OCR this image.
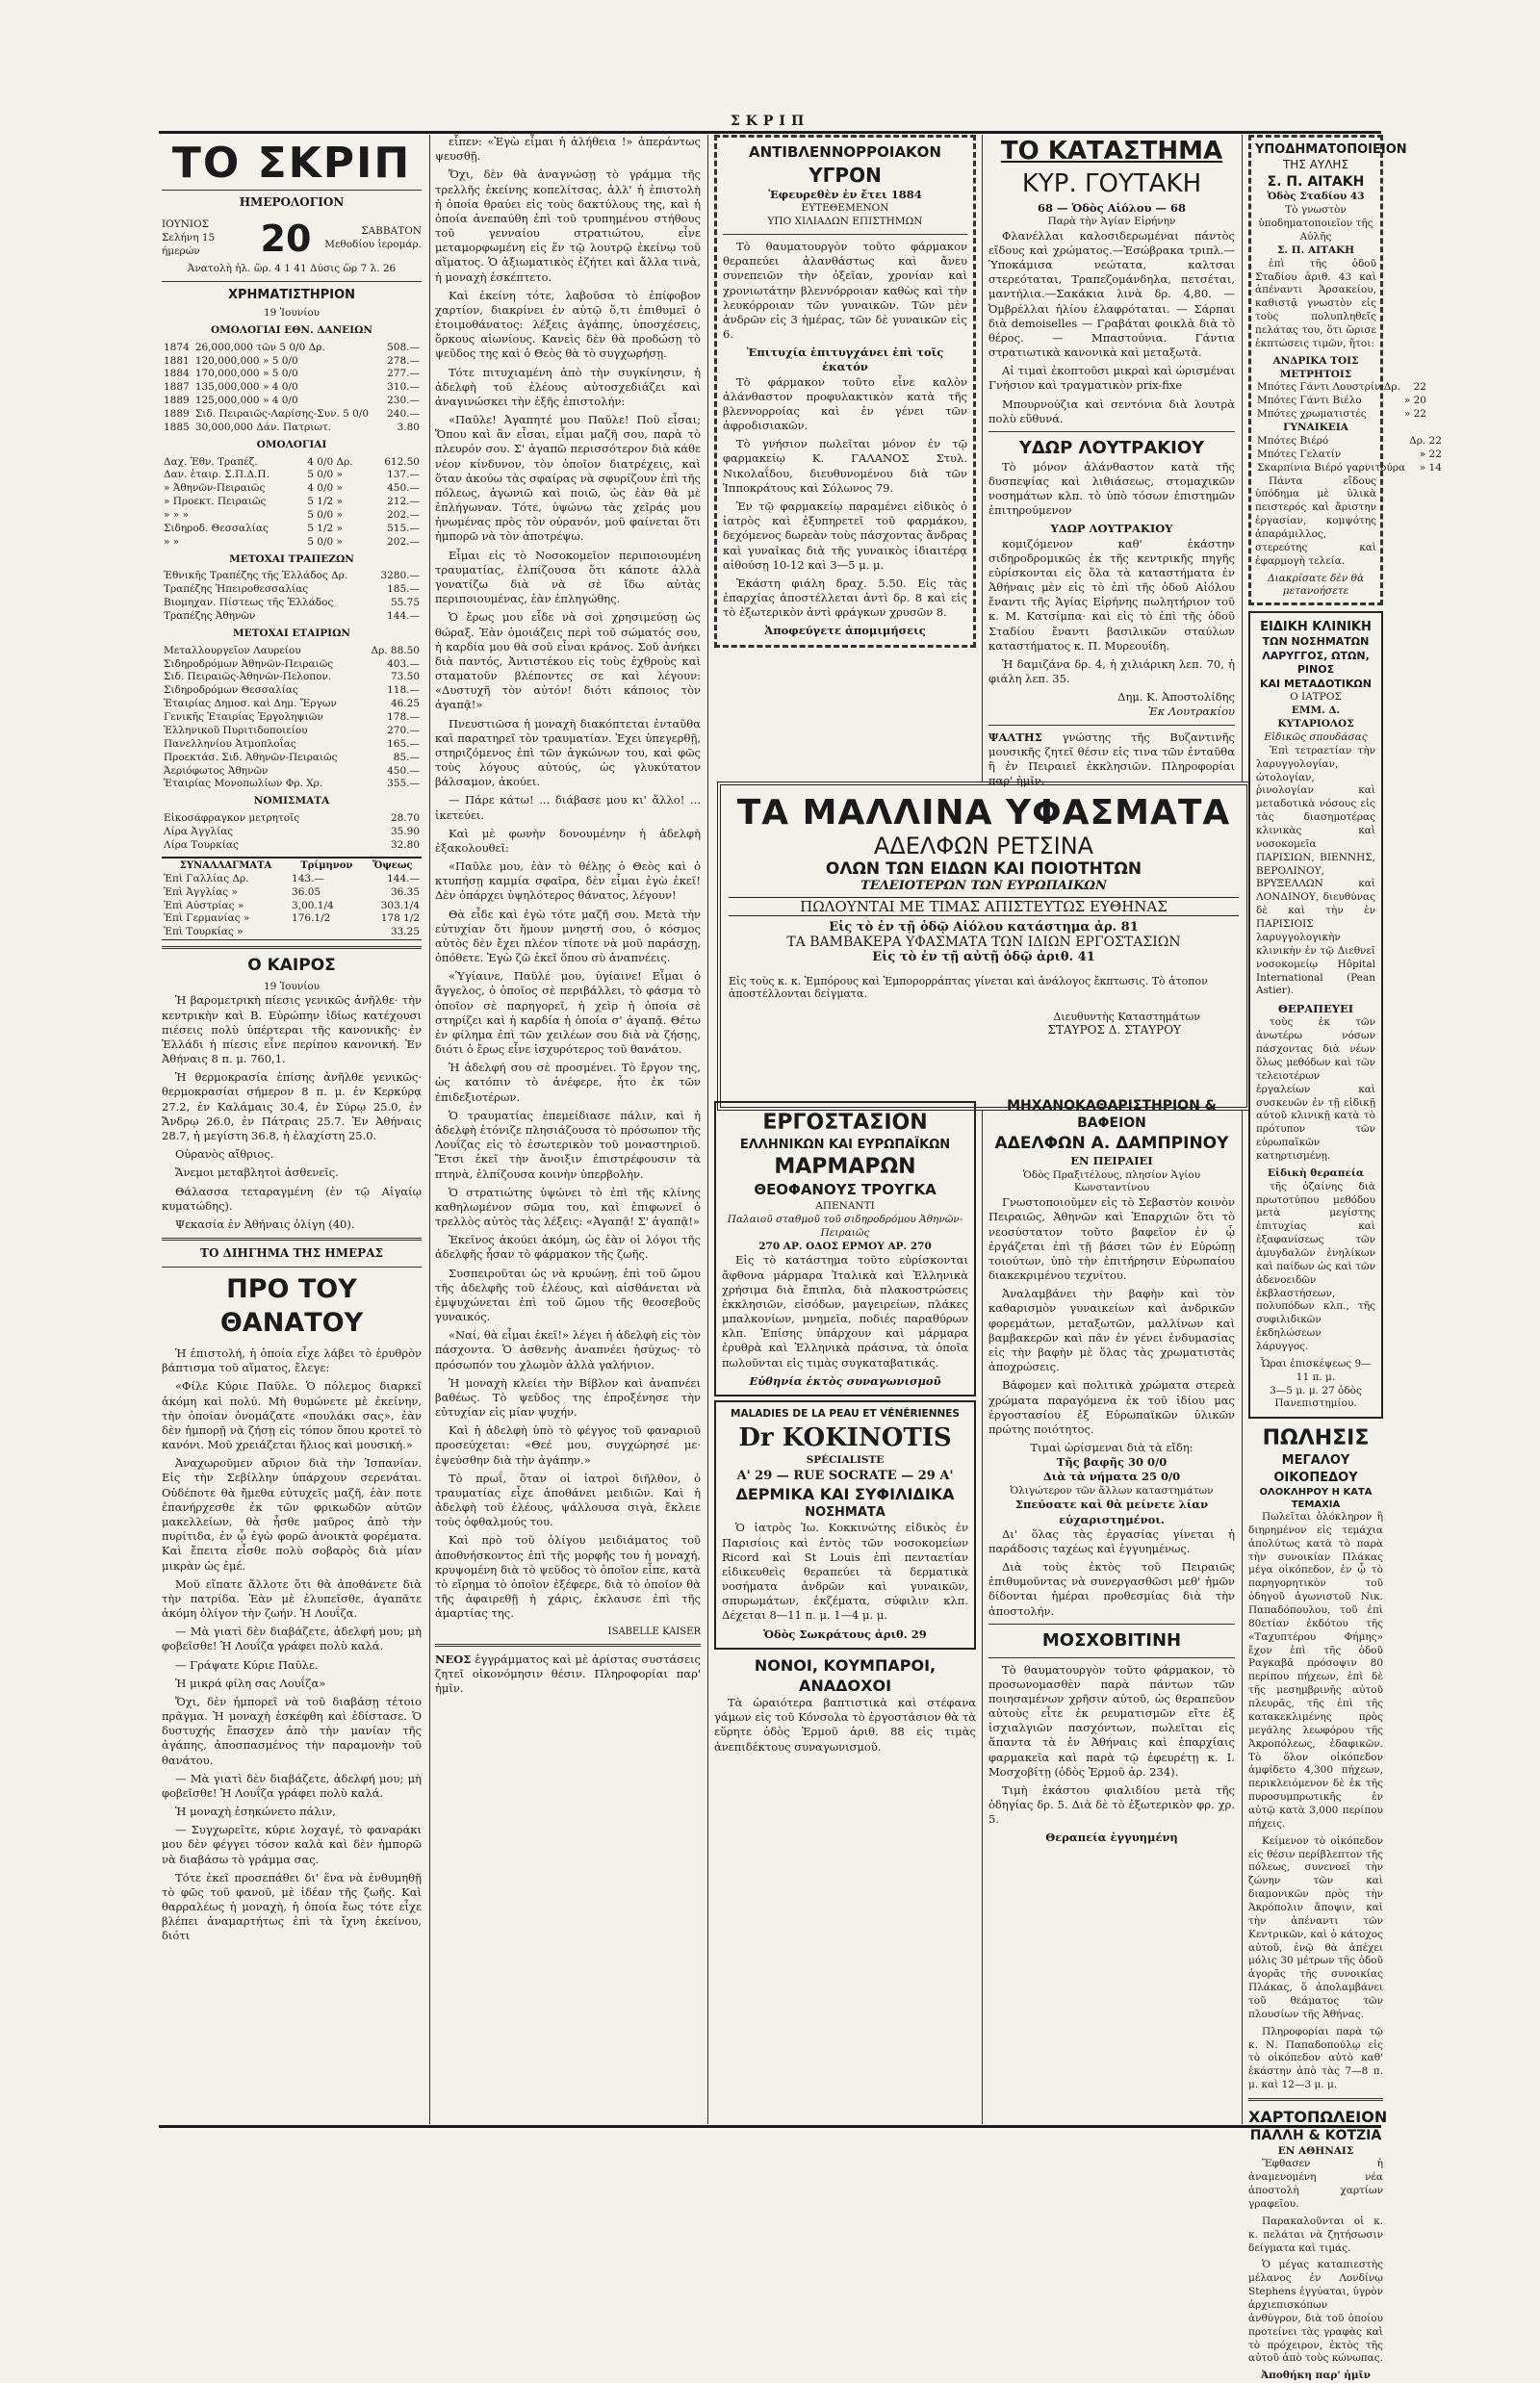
ΣΚΡΙΠ
ΤΟ ΣΚΡΙΠ
ΗΜΕΡΟΛΟΓΙΟΝ
ΙΟΥΝΙΟΣ
Σελήνη 15 ήμερών	20	ΣΑΒΒΑΤΟΝ
Μεθοδίου ἱερομάρ.
Ἀνατολὴ ἡλ. ὥρ. 4 1 41 Δύσις ὥρ 7 λ. 26
ΧΡΗΜΑΤΙΣΤΗΡΙΟΝ
19 Ἰουνίου
ΟΜΟΛΟΓΙΑΙ ΕΘΝ. ΔΑΝΕΙΩΝ
1874	26,000,000 τῶν 5 0/0 Δρ.	508.—
1881	120,000,000 » 5 0/0	278.—
1884	170,000,000 » 5 0/0	277.—
1887	135,000,000 » 4 0/0	310.—
1889	125,000,000 » 4 0/0	230.—
1889	Σιδ. Πειραιῶς-Λαρίσης-Συν. 5 0/0	240.—
1885	30,000,000 Δάν. Πατριωτ.	3.80
ΟΜΟΛΟΓΙΑΙ
Δαχ. Ἐθν. Τραπέζ.	4 0/0 Δρ.	612.50
Δαν. ἑταιρ. Σ.Π.Δ.Π.	5 0/0 »	137.—
» Ἀθηνῶν-Πειραιῶς	4 0/0 »	450.—
» Προεκτ. Πειραιῶς	5 1/2 »	212.—
» » »	5 0/0 »	202.—
Σιδηροδ. Θεσσαλίας	5 1/2 »	515.—
» »	5 0/0 »	202.—
ΜΕΤΟΧΑΙ ΤΡΑΠΕΖΩΝ
Ἐθνικῆς Τραπέζης τῆς Ἑλλάδος Δρ.	3280.—
Τραπέζης Ἠπειροθεσσαλίας	185.—
Βιομηχαν. Πίστεως τῆς Ἑλλάδος	55.75
Τραπέζης Ἀθηνῶν	144.—
ΜΕΤΟΧΑΙ ΕΤΑΙΡΙΩΝ
Μεταλλουργεῖον Λαυρείου	Δρ. 88.50
Σιδηροδρόμων Ἀθηνῶν-Πειραιῶς	403.—
Σιδ. Πειραιῶς-Ἀθηνῶν-Πελοπον.	73.50
Σιδηροδρόμων Θεσσαλίας	118.—
Ἑταιρίας Δημοσ. καὶ Δημ. Ἔργων	46.25
Γενικῆς Ἑταιρίας Ἐργοληψιῶν	178.—
Ἑλληνικοῦ Πυριτιδοποιείου	270.—
Πανελληνίου Ἀτμοπλοΐας	165.—
Προεκτάσ. Σιδ. Ἀθηνῶν-Πειραιῶς	85.—
Ἀεριόφωτος Ἀθηνῶν	450.—
Ἑταιρίας Μονοπωλίων Φρ. Χρ.	355.—
ΝΟΜΙΣΜΑΤΑ
Εἰκοσάφραγκον μετρητοῖς	28.70
Λίρα Ἀγγλίας	35.90
Λίρα Τουρκίας	32.80
ΣΥΝΑΛΛΑΓΜΑΤΑ	Τρίμηνον	Ὄψεως
Ἐπὶ Γαλλίας Δρ.	143.—	144.—
Ἐπὶ Ἀγγλίας »	36.05	36.35
Ἐπὶ Αὐστρίας »	3,00.1/4	303.1/4
Ἐπὶ Γερμανίας »	176.1/2	178 1/2
Ἐπὶ Τουρκίας »		33.25
Ο ΚΑΙΡΟΣ
19 Ἰουνίου

Ἡ βαρομετρικὴ πίεσις γενικῶς ἀνῆλθε· τὴν κεντρικὴν καὶ Β. Εὐρώπην ἰδίως κατέχουσι πιέσεις πολὺ ὑπέρτεραι τῆς κανονικῆς· ἐν Ἑλλάδι ἡ πίεσις εἶνε περίπου κανονική. Ἐν Ἀθήναις 8 π. μ. 760,1.

Ἡ θερμοκρασία ἐπίσης ἀνῆλθε γενικῶς· θερμοκρασίαι σήμερον 8 π. μ. ἐν Κερκύρᾳ 27.2, ἐν Καλάμαις 30.4, ἐν Σύρῳ 25.0, ἐν Ἄνδρῳ 26.0, ἐν Πάτραις 25.7. Ἐν Ἀθήναις 28.7, ἡ μεγίστη 36.8, ἡ ἐλαχίστη 25.0.

Οὐρανὸς αἴθριος.

Ἄνεμοι μεταβλητοὶ ἀσθενεῖς.

Θάλασσα τεταραγμένη (ἐν τῷ Αἰγαίῳ κυματώδης).

Ψεκασία ἐν Ἀθήναις ὀλίγη (40).

ΤΟ ΔΙΗΓΗΜΑ ΤΗΣ ΗΜΕΡΑΣ
ΠΡΟ ΤΟΥ ΘΑΝΑΤΟΥ

Ἡ ἐπιστολή, ἡ ὁποία εἶχε λάβει τὸ ἐρυθρὸν βάπτισμα τοῦ αἵματος, ἔλεγε:

«Φίλε Κύριε Παῦλε. Ὁ πόλεμος διαρκεῖ ἀκόμη καὶ πολύ. Μὴ θυμώνετε μὲ ἐκείνην, τὴν ὁποίαν ὀνομάζατε «πουλάκι σας», ἐὰν δὲν ἠμπορῇ νὰ ζήσῃ εἰς τόπον ὅπου κροτεῖ τὸ κανόνι. Μοῦ χρειάζεται ἥλιος καὶ μουσική.»

Ἀναχωροῦμεν αὔριον διὰ τὴν Ἰσπανίαν. Εἰς τὴν Σεβίλλην ὑπάρχουν σερενάται. Οὐδέποτε θὰ ἤμεθα εὐτυχεῖς μαζῆ, ἐὰν ποτε ἐπανήρχεσθε ἐκ τῶν φρικωδῶν αὐτῶν μακελλείων, θὰ ἦσθε μαῦρος ἀπὸ τὴν πυρίτιδα, ἐν ᾧ ἐγὼ φορῶ ἀνοικτὰ φορέματα. Καὶ ἔπειτα εἶσθε πολὺ σοβαρὸς διὰ μίαν μικρὰν ὡς ἐμέ.

Μοῦ εἴπατε ἄλλοτε ὅτι θὰ ἀποθάνετε διὰ τὴν πατρίδα. Ἐὰν μὲ ἐλυπεῖσθε, ἀγαπᾶτε ἀκόμη ὀλίγον τὴν ζωήν. Ἡ Λουΐζα.

— Μὰ γιατὶ δὲν διαβάζετε, ἀδελφή μου; μὴ φοβεῖσθε! Ἡ Λουΐζα γράφει πολὺ καλά.

— Γράψατε Κύριε Παῦλε.

Ἡ μικρά φίλη σας Λουΐζα»

Ὄχι, δὲν ἠμπορεῖ νὰ τοῦ διαβάσῃ τέτοιο πρᾶγμα. Ἡ μοναχὴ ἐσκέφθη καὶ ἐδίστασε. Ὁ δυστυχής ἔπασχεν ἀπὸ τὴν μανίαν τῆς ἀγάπης, ἀποσπασμένος τὴν παραμονὴν τοῦ θανάτου.

— Μὰ γιατὶ δὲν διαβάζετε, ἀδελφή μου; μὴ φοβεῖσθε! Ἡ Λουΐζα γράφει πολὺ καλά.

Ἡ μοναχὴ ἐσηκώνετο πάλιν,

— Συγχωρεῖτε, κύριε λοχαγέ, τὸ φαναράκι μου δὲν φέγγει τόσον καλὰ καὶ δὲν ἠμπορῶ νὰ διαβάσω τὸ γράμμα σας.

Τότε ἐκεῖ προσεπάθει δι' ἕνα νὰ ἐνθυμηθῇ τὸ φῶς τοῦ φανοῦ, μὲ ἰδέαν τῆς ζωῆς. Καὶ θαρραλέως ἡ μοναχὴ, ἡ ὁποία ἔως τότε εἶχε βλέπει ἀναμαρτήτως ἐπὶ τὰ ἴχνη ἐκείνου, διότι

εἶπεν: «Ἐγὼ εἶμαι ἡ ἀλήθεια !» ἀπεράντως ψευσθῇ.

Ὄχι, δὲν θὰ ἀναγνώσῃ τὸ γράμμα τῆς τρελλῆς ἐκείνης κοπελίτσας, ἀλλ' ἡ ἐπιστολὴ ἡ ὁποία θραύει εἰς τοὺς δακτύλους της, καὶ ἡ ὁποία ἀνεπαύθη ἐπὶ τοῦ τρυπημένου στήθους τοῦ γενναίου στρατιώτου, εἶνε μεταμορφωμένη εἰς ἕν τῷ λουτρῷ ἐκείνῳ τοῦ αἵματος. Ὁ ἀξιωματικὸς ἐζήτει καὶ ἄλλα τινὰ, ἡ μοναχὴ ἐσκέπτετο.

Καὶ ἐκείνη τότε, λαβοῦσα τὸ ἐπίφοβον χαρτίον, διακρίνει ἐν αὐτῷ ὅ,τι ἐπιθυμεῖ ὁ ἐτοιμοθάνατος: λέξεις ἀγάπης, ὑποσχέσεις, ὅρκους αἰωνίους. Κανεὶς δὲν θὰ προδώσῃ τὸ ψεῦδος της καὶ ὁ Θεὸς θὰ τὸ συγχωρήσῃ.

Τότε πιτυχιαμένη ἀπὸ τὴν συγκίνησιν, ἡ ἀδελφὴ τοῦ ἐλέους αὐτοσχεδιάζει καὶ ἀναγινώσκει τὴν ἑξῆς ἐπιστολήν:

«Παῦλε! Ἀγαπητέ μου Παῦλε! Ποῦ εἶσαι; Ὅπου καὶ ἂν εἶσαι, εἶμαι μαζῆ σου, παρὰ τὸ πλευρόν σου. Σ' ἀγαπῶ περισσότερον διὰ κάθε νέον κίνδυνον, τὸν ὁποῖον διατρέχεις, καὶ ὅταν ἀκούω τὰς σφαίρας νὰ σφυρίζουν ἐπὶ τῆς πόλεως, ἀγωνιῶ καὶ ποιῶ, ὡς ἐὰν θὰ μὲ ἐπλήγωναν. Τότε, ὑψώνω τὰς χεῖράς μου ἡνωμένας πρὸς τὸν οὐρανόν, μοῦ φαίνεται ὅτι ἠμπορῶ νὰ τὸν ἀποτρέψω.

Εἶμαι εἰς τὸ Νοσοκομεῖον περιποιουμένη τραυματίας, ἐλπίζουσα ὅτι κάποτε ἀλλὰ γονατίζω διὰ νὰ σὲ ἴδω αὐτὰς περιποιουμένας, ἐὰν ἐπληγώθης.

Ὁ ἔρως μου εἶδε νὰ σοὶ χρησιμεύσῃ ὡς θώραξ. Ἐὰν ὁμοιάζεις περὶ τοῦ σώματός σου, ἡ καρδία μου θὰ σοῦ εἶναι κράνος. Σοῦ ἀνήκει διὰ παντός, Ἀντιστέκου εἰς τοὺς ἐχθροὺς καὶ σταματοῦν βλέποντες σε καὶ λέγουν: «Δυστυχῆ τὸν αὐτόν! διότι κάποιος τὸν ἀγαπᾷ!»

Πνευστιῶσα ἡ μοναχὴ διακόπτεται ἐνταῦθα καὶ παρατηρεῖ τὸν τραυματίαν. Ἐχει ὑπεγερθῇ, στηριζόμενος ἐπὶ τῶν ἀγκώνων του, καὶ φῶς τοὺς λόγους αὐτούς, ὡς γλυκύτατον βάλσαμον, ἀκούει.

— Πάρε κάτω! ... διάβασε μου κι' ἄλλο! ... ἱκετεύει.

Καὶ μὲ φωνὴν δονουμένην ἡ ἀδελφὴ ἐξακολουθεῖ:

«Παῦλε μου, ἐὰν τὸ θέλῃς ὁ Θεὸς καὶ ὁ κτυπήσῃ καμμία σφαῖρα, δὲν εἶμαι ἐγὼ ἐκεῖ! Δὲν ὀπάρχει ὑψηλότερος θάνατος, λέγουν!

Θὰ εἶδε καὶ ἐγὼ τότε μαζῆ σου. Μετὰ τὴν εὐτυχίαν ὅτι ἤμουν μνηστή σου, ὁ κόσμος αὐτὸς δὲν ἔχει πλέον τίποτε νὰ μοῦ παράσχῃ, ὀπόθετε. Ἐγὼ ζῶ ἐκεῖ ὅπου σὺ ἀναπνέεις.

«Ὑγίαινε, Παῦλέ μου, ὑγίαινε! Εἶμαι ὁ ἄγγελος, ὁ ὁποῖος σὲ περιβάλλει, τὸ φάσμα τὸ ὁποῖον σὲ παρηγορεῖ, ἡ χεὶρ ἡ ὁποία σὲ στηρίζει καὶ ἡ καρδία ἡ ὁποία σ' ἀγαπᾷ. Θέτω ἐν φίλημα ἐπὶ τῶν χειλέων σου διὰ νὰ ζήσῃς, διότι ὁ ἔρως εἶνε ἰσχυρότερος τοῦ θανάτου.

Ἡ ἀδελφή σου σὲ προσμένει. Τὸ ἔργον της, ὡς κατόπιν τὸ ἀνέφερε, ἦτο ἐκ τῶν ἐπιδεξιοτέρων.

Ὁ τραυματίας ἐπεμείδιασε πάλιν, καὶ ἡ ἀδελφὴ ἐτόνιζε πλησιάζουσα τὸ πρόσωπον τῆς Λουΐζας εἰς τὸ ἐσωτερικὸν τοῦ μοναστηριοῦ. Ἔτσι ἐκεῖ τὴν ἄνοιξιν ἐπιστρέφουσιν τὰ πτηνὰ, ἐλπίζουσα κοινὴν ὑπερβολὴν.

Ὁ στρατιώτης ὑψώνει τὸ ἐπὶ τῆς κλίνης καθηλωμένον σῶμα του, καὶ ἐπιφωνεῖ ὁ τρελλὸς αὐτὸς τὰς λέξεις: «Ἀγαπᾷ! Σ' ἀγαπᾷ!»

Ἐκεῖνος ἀκούει ἀκόμη, ὡς ἐὰν οἱ λόγοι τῆς ἀδελφῆς ἦσαν τὸ φάρμακον τῆς ζωῆς.

Συσπειροῦται ὡς νὰ κρυώνῃ, ἐπὶ τοῦ ὤμου τῆς ἀδελφῆς τοῦ ἐλέους, καὶ αἰσθάνεται νὰ ἐμψυχώνεται ἐπὶ τοῦ ὤμου τῆς θεοσεβοῦς γυναικός.

«Ναί, θὰ εἶμαι ἐκεῖ!» λέγει ἡ ἀδελφὴ εἰς τὸν πάσχοντα. Ὁ ἀσθενὴς ἀναπνέει ἡσύχως· τὸ πρόσωπόν του χλωμὸν ἀλλὰ γαλήνιον.

Ἡ μοναχὴ κλείει τὴν Βίβλον καὶ ἀναπνέει βαθέως. Τὸ ψεῦδος της ἐπροξένησε τὴν εὐτυχίαν εἰς μίαν ψυχήν.

Καὶ ἡ ἀδελφὴ ὑπὸ τὸ φέγγος τοῦ φαναριοῦ προσεύχεται: «Θεέ μου, συγχώρησέ με· ἐψεύσθην διὰ τὴν ἀγάπην.»

Τὸ πρωΐ, ὅταν οἱ ἰατροὶ διῆλθον, ὁ τραυματίας εἶχε ἀποθάνει μειδιῶν. Καὶ ἡ ἀδελφὴ τοῦ ἐλέους, ψάλλουσα σιγὰ, ἔκλειε τοὺς ὀφθαλμούς του.

Καὶ πρὸ τοῦ ὁλίγου μειδιάματος τοῦ ἀποθνήσκοντος ἐπὶ τῆς μορφῆς του ἡ μοναχή, κρυψομένη διὰ τὸ ψεῦδος τὸ ὁποῖον εἶπε, κατὰ τὸ εἴρημα τὸ ὁποῖον ἐξέφερε, διὰ τὸ ὁποῖον θὰ τῆς ἀφαιρεθῇ ἡ χάρις, ἐκλαυσε ἐπὶ τῆς ἁμαρτίας της.

ISABELLE KAISER

ΝΕΟΣ ἐγγράμματος καὶ μὲ ἀρίστας συστάσεις ζητεῖ οἰκονόμησιν θέσιν. Πληροφορίαι παρ' ἡμῖν.

ΑΝΤΙΒΛΕΝΝΟΡΡΟΙΑΚΟΝ
ΥΓΡΟΝ
Ἐφευρεθὲν ἐν ἔτει 1884
ΕΥΤΕΘΕΜΕΝΟΝ
ΥΠΟ ΧΙΛΙΑΔΩΝ ΕΠΙΣΤΗΜΩΝ

Τὸ θαυματουργὸν τοῦτο φάρμακον θεραπεύει ἀλανθάστως καὶ ἄνευ συνεπειῶν τὴν ὀξεῖαν, χρονίαν καὶ χρονιωτάτην βλεννόρροιαν καθὼς καὶ τὴν λευκόρροιαν τῶν γυναικῶν. Τῶν μὲν ἀνδρῶν εἰς 3 ἡμέρας, τῶν δὲ γυναικῶν εἰς 6.

Ἐπιτυχία ἐπιτυγχάνει ἐπὶ τοῖς ἑκατόν

Τὸ φάρμακον τοῦτο εἶνε καλὸν ἀλάνθαστον προφυλακτικὸν κατὰ τῆς βλεννορροίας καὶ ἐν γένει τῶν ἀφροδισιακῶν.

Τὸ γνήσιον πωλεῖται μόνον ἐν τῷ φαρμακείῳ Κ. ΓΑΛΑΝΟΣ Στυλ. Νικολαΐδου, διευθυνομένου διὰ τῶν Ἱπποκράτους καὶ Σόλωνος 79.

Ἐν τῷ φαρμακείῳ παραμένει εἰδικὸς ὁ ἰατρὸς καὶ ἐξυπηρετεῖ τοῦ φαρμάκου, δεχόμενος δωρεὰν τοὺς πάσχοντας ἄνδρας καὶ γυναῖκας διὰ τῆς γυναικὸς ἰδιαιτέρᾳ αἰθούσῃ 10-12 καὶ 3—5 μ. μ.

Ἑκάστη φιάλη δραχ. 5.50. Εἰς τὰς ἐπαρχίας ἀποστέλλεται ἀντὶ δρ. 8 καὶ εἰς τὸ ἐξωτερικὸν ἀντὶ φράγκων χρυσῶν 8.

Ἀποφεύγετε ἀπομιμήσεις
ΤΑ ΜΑΛΛΙΝΑ ΥΦΑΣΜΑΤΑ
ΑΔΕΛΦΩΝ ΡΕΤΣΙΝΑ
ΟΛΩΝ ΤΩΝ ΕΙΔΩΝ ΚΑΙ ΠΟΙΟΤΗΤΩΝ
ΤΕΛΕΙΟΤΕΡΩΝ ΤΩΝ ΕΥΡΩΠΑΙΚΩΝ
ΠΩΛΟΥΝΤΑΙ ΜΕ ΤΙΜΑΣ ΑΠΙΣΤΕΥΤΩΣ ΕΥΘΗΝΑΣ
Εἰς τὸ ἐν τῇ ὁδῷ Αἰόλου κατάστημα ἀρ. 81
ΤΑ ΒΑΜΒΑΚΕΡΑ ΥΦΑΣΜΑΤΑ ΤΩΝ ΙΔΙΩΝ ΕΡΓΟΣΤΑΣΙΩΝ
Εἰς τὸ ἐν τῇ αὐτῇ ὁδῷ ἀριθ. 41

Εἰς τοὺς κ. κ. Ἐμπόρους καὶ Ἐμπορορράπτας γίνεται καὶ ἀνάλογος ἔκπτωσις. Τὸ ἀτοπον ἀποστέλλονται δείγματα.

Διευθυντὴς Καταστημάτων
ΣΤΑΥΡΟΣ Δ. ΣΤΑΥΡΟΥ
ΕΡΓΟΣΤΑΣΙΟΝ
ΕΛΛΗΝΙΚΩΝ ΚΑΙ ΕΥΡΩΠΑΪΚΩΝ
ΜΑΡΜΑΡΩΝ
ΘΕΟΦΑΝΟΥΣ ΤΡΟΥΓΚΑ
ΑΠΕΝΑΝΤΙ
Παλαιοῦ σταθμοῦ τοῦ σιδηροδρόμου Ἀθηνῶν-Πειραιῶς
270 ΑΡ. ΟΔΟΣ ΕΡΜΟΥ ΑΡ. 270

Εἰς τὸ κατάστημα τοῦτο εὑρίσκονται ἄφθονα μάρμαρα Ἰταλικὰ καὶ Ἑλληνικὰ χρήσιμα διὰ ἔπιπλα, διὰ πλακοστρώσεις ἐκκλησιῶν, εἰσόδων, μαγειρείων, πλάκες μπαλκονίων, μνημεῖα, ποδιές παραθύρων κλπ. Ἐπίσης ὑπάρχουν καὶ μάρμαρα ἐρυθρὰ καὶ Ἑλληνικὰ πράσινα, τὰ ὁποῖα πωλοῦνται εἰς τιμὰς συγκαταβατικάς.

Εὐθηνία ἐκτὸς συναγωνισμοῦ
MALADIES DE LA PEAU ET VÉNÉRIENNES
Dr KOKINOTIS
SPÉCIALISTE
Α' 29 — RUE SOCRATE — 29 Α'
ΔΕΡΜΙΚΑ ΚΑΙ ΣΥΦΙΛΙΔΙΚΑ
ΝΟΣΗΜΑΤΑ

Ὁ ἰατρὸς Ἰω. Κοκκινώτης εἰδικὸς ἐν Παρισίοις καὶ ἐντὸς τῶν νοσοκομείων Ricord καὶ St Louis ἐπὶ πενταετίαν εἰδικευθεὶς θεραπεύει τὰ δερματικὰ νοσήματα ἀνδρῶν καὶ γυναικῶν, σπυρωμάτων, ἐκζέματα, σύφιλιν κλπ. Δέχεται 8—11 π. μ. 1—4 μ. μ.

Ὁδὸς Σωκράτους ἀριθ. 29
ΝΟΝΟΙ, ΚΟΥΜΠΑΡΟΙ, ΑΝΑΔΟΧΟΙ

Τὰ ὡραιότερα βαπτιστικὰ καὶ στέφανα γάμων εἰς τοῦ Κόνσολα τὸ ἐργοστάσιον θὰ τὰ εὕρητε ὁδὸς Ἑρμοῦ ἀριθ. 88 εἰς τιμὰς ἀνεπιδέκτους συναγωνισμοῦ.

ΤΟ ΚΑΤΑΣΤΗΜΑ
ΚΥΡ. ΓΟΥΤΑΚΗ
68 — Ὁδὸς Αἰόλου — 68
Παρὰ τὴν Ἁγίαν Εἰρήνην

Φλανέλλαι καλοσιδερωμέναι πάντὸς εἴδους καὶ χρώματος.—Ἐσώβρακα τριπλ.—Ὑποκάμισα νεώτατα, καλτσαι στερεόταται, Τραπεζομάνδηλα, πετσέται, μαντήλια.—Σακάκια λινὰ δρ. 4,80. — Ὀμβρέλλαι ἡλίου ἐλαφρόταται. — Σάρπαι διὰ demoiselles — Γραβάται φοικλὰ διὰ τὸ θέρος. — Μπαστούνια. Γάντια στρατιωτικὰ κανονικὰ καὶ μεταξωτὰ.

Αἱ τιμαὶ ἐκοπτοῦσι μικραὶ καὶ ὡρισμέναι Γνήσιον καὶ τραγματικὸν prix-fixe

Μπουρνούζια καὶ σεντόνια διὰ λουτρὰ πολὺ εὔθυνά.

ΥΔΩΡ ΛΟΥΤΡΑΚΙΟΥ

Τὸ μόνον ἀλάνθαστον κατὰ τῆς δυσπεψίας καὶ λιθιάσεως, στομαχικῶν νοσημάτων κλπ. τὸ ὑπὸ τόσων ἐπιστημῶν ἐπιτηρούμενον

ΥΔΩΡ ΛΟΥΤΡΑΚΙΟΥ

κομιζόμενον καθ' ἑκάστην σιδηροδρομικῶς ἐκ τῆς κεντρικῆς πηγῆς εὑρίσκονται εἰς ὅλα τὰ καταστήματα ἐν Ἀθήναις μὲν εἰς τὸ ἐπὶ τῆς ὁδοῦ Αἰόλου ἔναντι τῆς Ἁγίας Εἰρήνης πωλητήριον τοῦ κ. Μ. Κατσίμπα· καὶ εἰς τὸ ἐπὶ τῆς ὁδοῦ Σταδίου ἔναντι βασιλικῶν σταύλων καταστήματος κ. Π. Μυρεουίδη.

Ἡ δαμιζάνα δρ. 4, ἡ χιλιάρικη λεπ. 70, ἡ φιάλη λεπ. 35.

Δημ. Κ. Ἀποστολίδης
Ἐκ Λουτρακίου

ΨΑΛΤΗΣ γνώστης τῆς Βυζαντινῆς μουσικῆς ζητεῖ θέσιν εἰς τινα τῶν ἐνταῦθα ἢ ἐν Πειραιεῖ ἐκκλησιῶν. Πληροφορίαι παρ' ἡμῖν.

ΜΗΧΑΝΟΚΑΘΑΡΙΣΤΗΡΙΟΝ & ΒΑΦΕΙΟΝ
ΑΔΕΛΦΩΝ Α. ΔΑΜΠΡΙΝΟΥ
ΕΝ ΠΕΙΡΑΙΕΙ
Ὁδὸς Πραξιτέλους, πλησίον Ἁγίου Κωνσταντίνου

Γνωστοποιοῦμεν εἰς τὸ Σεβαστὸν κοινὸν Πειραιῶς, Ἀθηνῶν καὶ Ἐπαρχιῶν ὅτι τὸ νεοσύστατον τοῦτο βαφεῖον ἐν ᾧ ἐργάζεται ἐπὶ τῇ βάσει τῶν ἐν Εὐρώπῃ τοιούτων, ὑπὸ τὴν ἐπιτήρησιν Εὐρωπαίου διακεκριμένου τεχνίτου.

Ἀναλαμβάνει τὴν βαφὴν καὶ τὸν καθαρισμὸν γυναικείων καὶ ἀνδρικῶν φορεμάτων, μεταξωτῶν, μαλλίνων καὶ βαμβακερῶν καὶ πᾶν ἐν γένει ἐνδυμασίας εἰς τὴν βαφὴν μὲ ὅλας τὰς χρωματιστὰς ἀποχρώσεις.

Βάφομεν καὶ πολιτικὰ χρώματα στερεὰ χρώματα παραγόμενα ἐκ τοῦ ἰδίου μας ἐργοστασίου ἐξ Εὐρωπαϊκῶν ὑλικῶν πρώτης ποιότητος.

Τιμαὶ ὡρίσμεναι διὰ τὰ εἴδη:
Τῆς βαφῆς 30 0/0
Διὰ τὰ νήματα 25 0/0
Ὀλιγώτερον τῶν ἄλλων καταστημάτων
Σπεύσατε καὶ θὰ μείνετε λίαν εὐχαριστημένοι.

Δι' ὅλας τὰς ἐργασίας γίνεται ἡ παράδοσις ταχέως καὶ ἐγγυημένως.

Διὰ τοὺς ἐκτὸς τοῦ Πειραιῶς ἐπιθυμοῦντας νὰ συνεργασθῶσι μεθ' ἡμῶν δίδονται ἡμέραι προθεσμίας διὰ τὴν ἀποστολήν.

ΜΟΣΧΟΒΙΤΙΝΗ

Τὸ θαυματουργὸν τοῦτο φάρμακον, τὸ προσωνομασθὲν παρὰ πάντων τῶν ποιησαμένων χρῆσιν αὐτοῦ, ὡς θεραπεῦον αὐτοὺς εἶτε ἐκ ρευματισμῶν εἴτε ἐξ ἰσχιαλγιῶν πασχόντων, πωλεῖται εἰς ἅπαντα τὰ ἐν Ἀθήναις καὶ ἐπαρχίαις φαρμακεῖα καὶ παρὰ τῷ ἐφευρέτῃ κ. Ι. Μοσχοβίτῃ (ὁδὸς Ἑρμοῦ ἀρ. 234).

Τιμὴ ἑκάστου φιαλιδίου μετὰ τῆς ὁδηγίας δρ. 5. Διὰ δὲ τὸ ἐξωτερικὸν φρ. χρ. 5.

Θεραπεία ἐγγυημένη
ΥΠΟΔΗΜΑΤΟΠΟΙΕΙΟΝ
ΤΗΣ ΑΥΛΗΣ
Σ. Π. ΑΙΤΑΚΗ
Ὁδὸς Σταδίου 43
Τὸ γνωστὸν ὑποδηματοποιεῖον τῆς Αὐλῆς
Σ. Π. ΑΙΤΑΚΗ

ἐπὶ τῆς ὁδοῦ Σταδίου ἀριθ. 43 καὶ ἀπέναντι Ἀρσακείου, καθιστᾷ γνωστὸν εἰς τοὺς πολυπληθεῖς πελάτας του, ὅτι ὥρισε ἐκπτώσεις τιμῶν, ἤτοι:

ΑΝΔΡΙΚΑ ΤΟΙΣ ΜΕΤΡΗΤΟΙΣ
Μπότες Γάντι Λουστρίν Δρ.	22
Μπότες Γάντι Βιέλο	» 20
Μπότες χρωματιστές	» 22
ΓΥΝΑΙΚΕΙΑ
Μπότες Βιέρό	Δρ. 22
Μπότες Γελατίν	» 22
Σκαρπίνια Βιέρό γαρνιτούρα	» 14

Πάντα εἴδους ὑπόδημα μὲ ὑλικὰ πειστερός καὶ ἄριστην ἐργασίαν, κομψότης ἀπαράμιλλος, στερεότης καὶ ἐφαρμογὴ τελεία.

Διακρίσατε δὲν θὰ μετανοήσετε
ΕΙΔΙΚΗ ΚΛΙΝΙΚΗ
ΤΩΝ ΝΟΣΗΜΑΤΩΝ
ΛΑΡΥΓΓΟΣ, ΩΤΩΝ, ΡΙΝΟΣ
ΚΑΙ ΜΕΤΑΔΟΤΙΚΩΝ
Ο ΙΑΤΡΟΣ
ΕΜΜ. Δ. ΚΥΤΑΡΙΟΛΟΣ
Εἰδικῶς σπουδάσας

Ἐπὶ τετραετίαν τὴν λαρυγγολογίαν, ὠτολογίαν, ῥινολογίαν καὶ μεταδοτικὰ νόσους εἰς τὰς διασημοτέρας κλινικὰς καὶ νοσοκομεῖα ΠΑΡΙΣΙΩΝ, ΒΙΕΝΝΗΣ, ΒΕΡΟΛΙΝΟΥ, ΒΡΥΞΕΛΛΩΝ καὶ ΛΟΝΔΙΝΟΥ, διευθύνας δὲ καὶ τὴν ἐν ΠΑΡΙΣΙΟΙΣ λαρυγγολογικὴν κλινικὴν ἐν τῷ Διεθνεῖ νοσοκομείῳ Hôpital International (Pean Astier).

ΘΕΡΑΠΕΥΕΙ

τοὺς ἐκ τῶν ἀνωτέρω νόσων πάσχοντας διὰ νέων ὅλως μεθόδων καὶ τῶν τελειοτέρων ἐργαλείων καὶ συσκευῶν ἐν τῇ εἰδικῇ αὐτοῦ κλινικῇ κατὰ τὸ πρότυπον τῶν εὐρωπαϊκῶν κατηρτισμένῃ.

Εἰδικὴ θεραπεία

τῆς ὀζαίνης διὰ πρωτοτύπου μεθόδου μετὰ μεγίστης ἐπιτυχίας καὶ ἐξαφανίσεως τῶν ἀμυγδαλῶν ἐνηλίκων καὶ παίδων ὡς καὶ τῶν ἀδενοειδῶν ἐκβλαστήσεων, πολυπόδων κλπ., τῆς συφιλιδικῶν ἐκδηλώσεων λάρυγγος.

Ὧραι ἐπισκέψεως 9—11 π. μ.
3—5 μ. μ. 27 ὁδὸς Πανεπιστημίου.
ΠΩΛΗΣΙΣ
ΜΕΓΑΛΟΥ ΟΙΚΟΠΕΔΟΥ
ΟΛΟΚΛΗΡΟΥ Η ΚΑΤΑ ΤΕΜΑΧΙΑ

Πωλεῖται ὁλόκληρον ἢ διηρημένον εἰς τεμάχια ἀπολύτως κατὰ τὸ παρὰ τὴν συνοικίαν Πλάκας μέγα οἰκόπεδον, ἐν ᾧ τὸ παρηγορητικὸν τοῦ ὁδηγοῦ ἀγωνιστοῦ Νικ. Παπαδόπουλου, τοῦ ἐπὶ 80ετίαν ἐκδότου τῆς «Ταχυπτέρου Φήμης» ἔχον ἐπὶ τῆς ὁδοῦ Ραγκαβᾶ πρόσοψιν 80 περίπου πήχεων, ἐπὶ δὲ τῆς μεσημβρινῆς αὐτοῦ πλευρᾶς, τῆς ἐπὶ τῆς κατακεκλιμένης πρὸς μεγάλης λεωφόρου τῆς Ἀκροπόλεως, ἐδαφικῶν. Τὸ ὅλον οἰκόπεδον ἀμφίδετο 4,300 πήχεων, περικλειόμενον δὲ ἐκ τῆς πυροσυμπρωτικῆς ἐν αὐτῷ κατὰ 3,000 περίπου πήχεις.

Κείμενον τὸ οἰκόπεδον εἰς θέσιν περίβλεπτον τῆς πόλεως, συνενοεῖ τὴν ζώνην τῶν καὶ διαμονικῶν πρὸς τὴν Ἀκρόπολιν ἄποψιν, καὶ τὴν ἀπέναντι τῶν Κεντρικῶν, καὶ ὁ κάτοχος αὐτοῦ, ἐνῷ θὰ ἀπέχει μόλις 30 μέτρων τῆς ὁδοῦ ἀγορᾶς τῆς συνοικίας Πλάκας, ὅ ἀπολαμβάνει τοῦ θεάματος τῶν πλουσίων τῆς Ἀθήνας.

Πληροφορίαι παρὰ τῷ κ. Ν. Παπαδοπούλῳ εἰς τὸ οἰκόπεδον αὐτὸ καθ' ἑκάστην ἀπὸ τὰς 7—8 π. μ. καὶ 12—3 μ. μ.

ΧΑΡΤΟΠΩΛΕΙΟΝ
ΠΑΛΛΗ & ΚΟΤΖΙΑ
ΕΝ ΑΘΗΝΑΙΣ

Ἔφθασεν ἡ ἀναμενομένη νέα ἀποστολὴ χαρτίων γραφεῖου.

Παρακαλοῦνται οἱ κ. κ. πελάται νὰ ζητήσωσιν δείγματα καὶ τιμάς.

Ὁ μέγας καταπιεστὴς μέλανος ἐν Λονδίνῳ Stephens ἐγγύαται, ὑγρὸν ἀρχιεπισκόπων ἀνθύγρον, διὰ τοῦ ὁποίου προτείνει τὰς γραφὰς καὶ τὸ πρόχειρον, ἐκτὸς τῆς αὐτοῦ ἀπὸ τοὺς κώνωπας.

Ἀποθήκη παρ' ἡμῖν
